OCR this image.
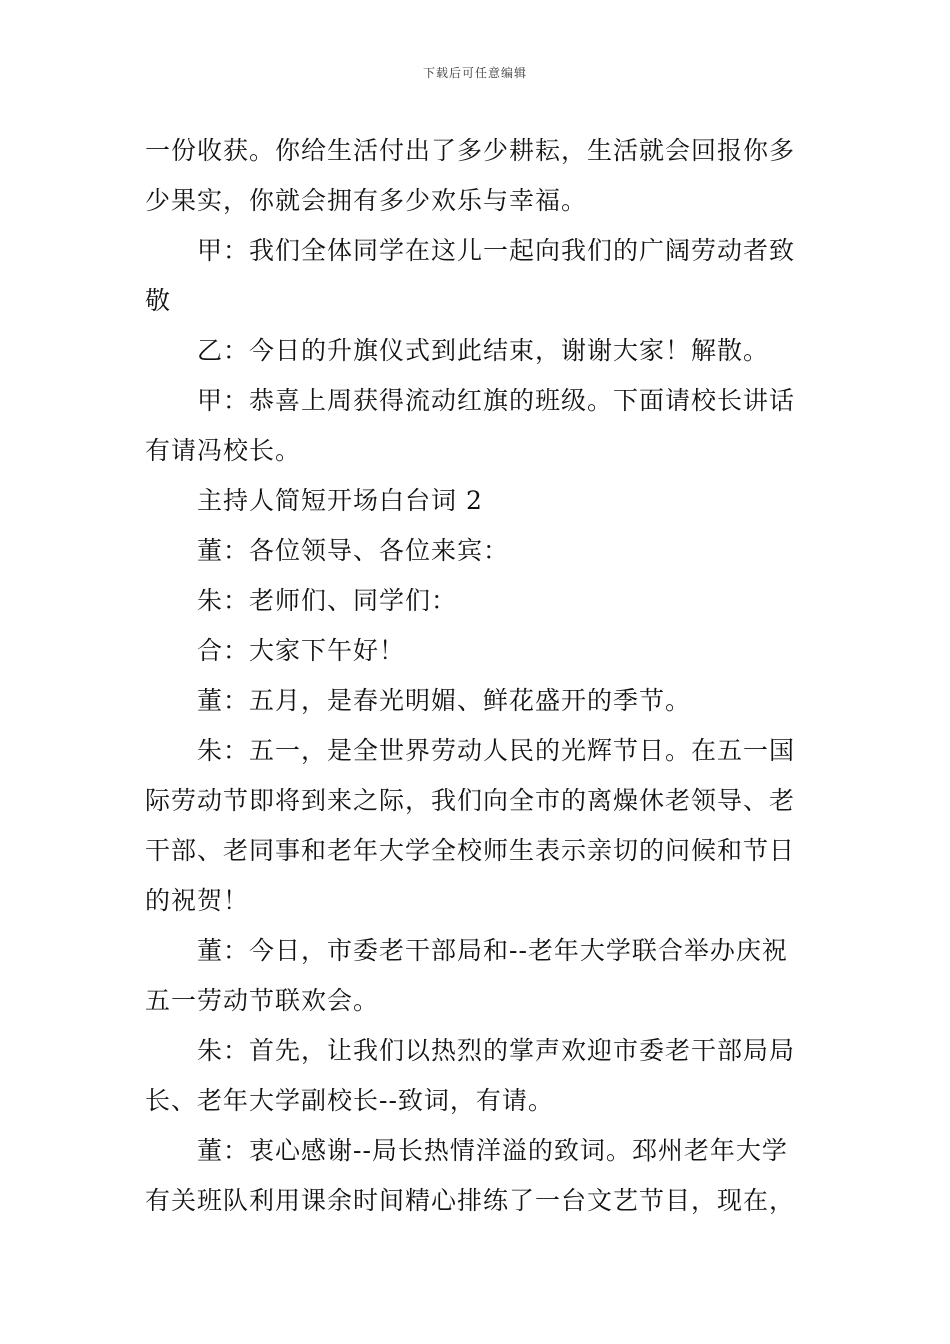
下载后可任意编辑
一份收获。你给生活付出了多少耕耘，生活就会回报你多
少果实，你就会拥有多少欢乐与幸福。
甲：我们全体同学在这儿一起向我们的广阔劳动者致
敬
乙：今日的升旗仪式到此结束，谢谢大家！解散。
甲：恭喜上周获得流动红旗的班级。下面请校长讲话
有请冯校长。
主持人简短开场白台词 2
董：各位领导、各位来宾：
朱：老师们、同学们：
合：大家下午好！
董：五月，是春光明媚、鲜花盛开的季节。
朱：五一，是全世界劳动人民的光辉节日。在五一国
际劳动节即将到来之际，我们向全市的离燥休老领导、老
干部、老同事和老年大学全校师生表示亲切的问候和节日
的祝贺！
董：今日，市委老干部局和--老年大学联合举办庆祝
五一劳动节联欢会。
朱：首先，让我们以热烈的掌声欢迎市委老干部局局
长、老年大学副校长--致词，有请。
董：衷心感谢--局长热情洋溢的致词。邳州老年大学
有关班队利用课余时间精心排练了一台文艺节目，现在，
